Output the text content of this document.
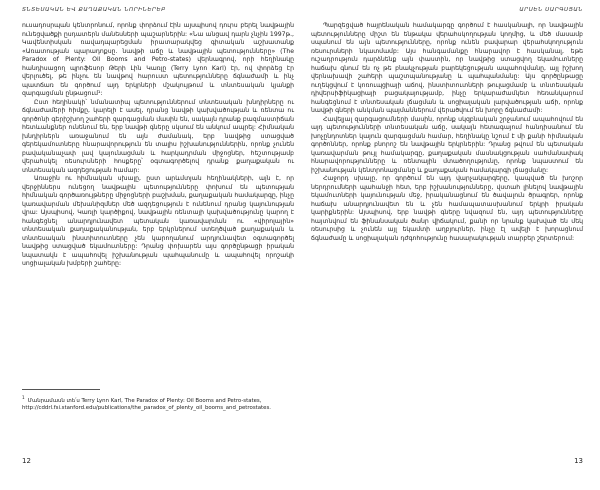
ՏՆՏԵՍԱԿԱՆ ԵՎ ՔԱՂԱՔԱԿԱՆ ՆՈՐԻՆԵՐԵԲ

ուսադոսրպան կենտրոնում, որոնք փորձում էին այսպիսով դուրս բերել նավթային ունեցվածքի ըսդատերն մանեսների պաշարներին: «Նա անցավ դարն չնչին 1997թ., Կավենտիսկան ռավադպարեցման իրատարակվեց գիտական աշխատանք «Առատության պարադոքսը. նավթի աճը և նավթային պետությունները» (The Paradox of Plenty: Oil Booms and Petro-states) վերնագրով, որի հեղինակը հանդիսացող պրոֆեսոր Թերի Լին Կառլը (Terry Lynn Karl) էր, ով փորձեց էր վերլուծել, թե ինչու են նավթով հարուստ պետությունները ճգնաժամի և ինչ պատճառ են գործում այդ երկրների մշակույթում և տնտեսական կյանքի զարգացման ընթացում¹:

Ըստ հեղինակի՝ նմանատիպ պետություններում տնտեսական խնդիրները ու ճգնաժամերի հիմքը, կարելի է ասել, դրանց նավթի կախվածության և ռենտա ու գործոնի գերիշխող շահերի զարգացման մասին են, սակայն դրանք բազմաստիճան հետևանքներ ունենում են, երբ նավթի գները սկսում են անկում ապրել: Հիմնական խնդիրներն առաջանում են այն ժամանակ, երբ նավթից ստացված գերեկամուտները հնարավորություն են տալիս իշխանություններին, որոնք չունեն բավականաչափ լավ կայունացման և հարկադրման միջոցներ, հեշտությամբ վերահսկել ռեսուրսների հոսքերը՝ օգտագործելով դրանք քաղաքական ու տնտեսական ազդեցության համար:

Առաջին ու հիմնական սխալը, ըստ արևմտյան հեղինակների, այն է, որ վերջիններս ունեցող նավթային պետությունները փոխում են պետության հիմնական գործառույթները միջոցների բաշխման, քաղաքական համակարգը, ինչը կառավարման մեխանիզմներ մեծ ազդեցություն է ունենում դրանց կայունության վրա: Այսպիսով, Կառլի կարծիքով, նավթային ռենտայի կախվածությունը կարող է հանգեցնել անարդյունավետ պետական կառավարման ու «վիրոլային» տնտեսական քաղաքականության, երբ երկրներում ստեղծված քաղաքական և տնտեսական ինստիտուտները չեն կարողանում արդյունավետ օգտագործել նավթից ստացված եկամուտները: Դրանց փոխարեն այս գործընթացի իրական նպատակն է ապահովել իշխանության պահպանումը և ապահովել որոշակի սոցիալական խմբերի շահերը:

$^1$Մանրամասն տե՛ս Terry Lynn Karl, The Paradox of Plenty: Oil Booms and Petro-states, http://cddrl.fsi.stanford.edu/publications/the_paradox_of_plenty_oil_booms_and_petrostates.
12
ԱՐՍԵՆ ՍԱՐԳՍՅԱՆ

Պարզեցված հայրենական համակարգը գործում է հասկանալի, որ նավթային պետությունները միշտ են ենթակա վերահսկողության կողմից, և մեծ մասամբ սպանում են այն պետությունները, որոնք ունեն բավարար վերահսկողություն ռեսուրսների նկատմամբ: Այս հանգամանքը հնարավոր է հասկանալ, եթե ուշադրություն դարձնենք այն փաստին, որ նավթից ստացվող եկամուտները հաճախ գնում են ոչ թե բնակչության բարեկեցության ապահովմանը, այլ իշխող վերնախավի շահերի պաշտպանությանը և պահպանմանը: Այս գործընթացը ուղեկցվում է կոռուպցիայի աճով, ինստիտուտների թուլացմամբ և տնտեսական դիվերսիֆիկացիայի բացակայությամբ, ինչը երկարաժամկետ հեռանկարում հանգեցնում է տնտեսական լճացման և սոցիալական լարվածության աճի, որոնք նավթի գների անկման պայմաններում վերածվում են խորը ճգնաժամի:

Հավելյալ զարգացումների մասին, որոնք սկզբնական շրջանում ապահովում են այդ պետությունների տնտեսական աճը, սակայն հետագայում հանդիսանում են խոչընդոտներ կայուն զարգացման համար, հեղինակը նշում է մի քանի հիմնական գործոններ, որոնք բնորոշ են նավթային երկրներին: Դրանց թվում են պետական կառավարման թույլ համակարգը, քաղաքական մասնակցության սահմանափակ հնարավորությունները և ռենտային մտածողությունը, որոնք նպաստում են իշխանության կենտրոնացմանը և քաղաքական համակարգի լճացմանը:

Հաջորդ սխալը, որ գործում են այդ վարչակարգերը, կապված են խոշոր ներդրումների պահանջի հետ, երբ իշխանությունները, վստահ լինելով նավթային եկամուտների կայունության մեջ, իրականացնում են ծավալուն ծրագրեր, որոնք հաճախ անարդյունավետ են և չեն համապատասխանում երկրի իրական կարիքներին: Այսպիսով, երբ նավթի գները նվազում են, այդ պետությունները հայտնվում են ֆինանսական ծանր վիճակում, քանի որ նրանք կախված են մեկ ռեսուրսից և չունեն այլ եկամտի աղբյուրներ, ինչը էլ ավելի է խորացնում ճգնաժամը և սոցիալական դժգոհությունը հասարակության տարբեր շերտերում:

13
